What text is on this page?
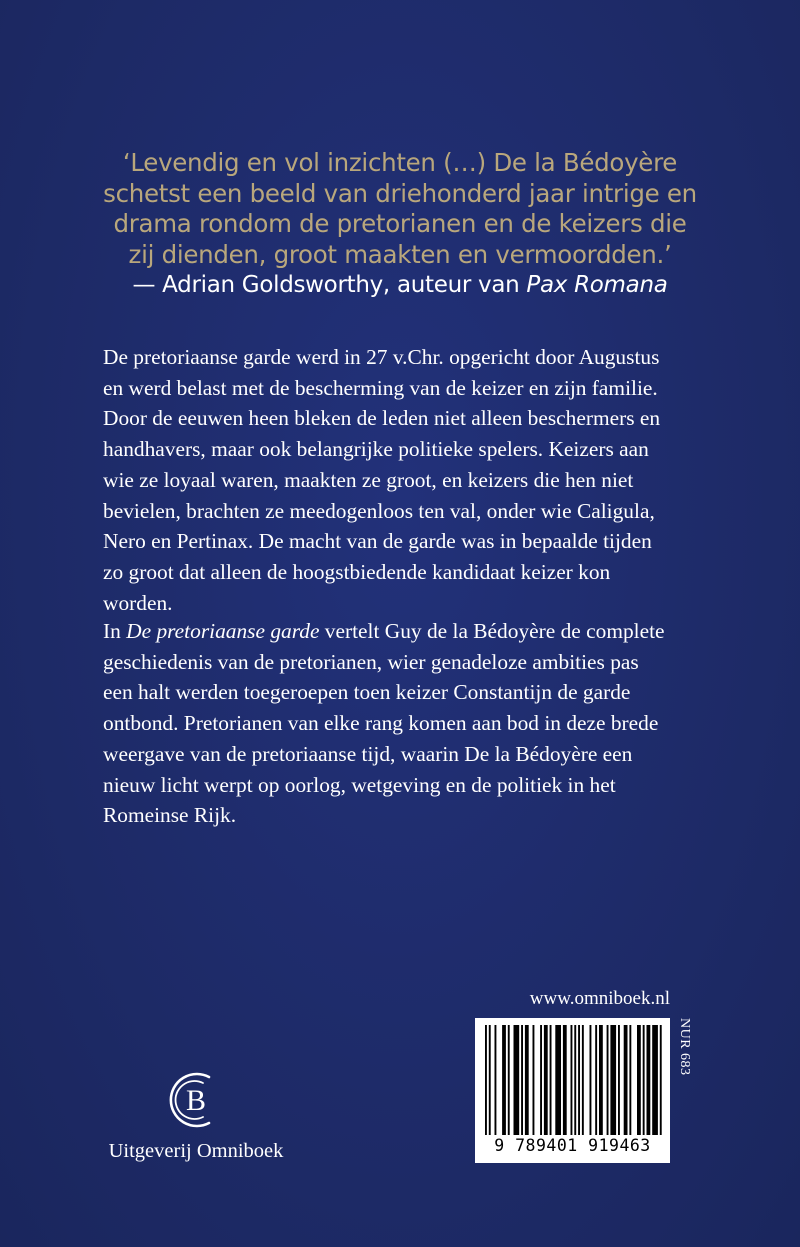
‘Levendig en vol inzichten (…) De la Bédoyère
schetst een beeld van driehonderd jaar intrige en
drama rondom de pretorianen en de keizers die
zij dienden, groot maakten en vermoordden.’
— Adrian Goldsworthy, auteur van Pax Romana
De pretoriaanse garde werd in 27 v.Chr. opgericht door Augustus
en werd belast met de bescherming van de keizer en zijn familie.
Door de eeuwen heen bleken de leden niet alleen beschermers en
handhavers, maar ook belangrijke politieke spelers. Keizers aan
wie ze loyaal waren, maakten ze groot, en keizers die hen niet
bevielen, brachten ze meedogenloos ten val, onder wie Caligula,
Nero en Pertinax. De macht van de garde was in bepaalde tijden
zo groot dat alleen de hoogstbiedende kandidaat keizer kon
worden.
In De pretoriaanse garde vertelt Guy de la Bédoyère de complete
geschiedenis van de pretorianen, wier genadeloze ambities pas
een halt werden toegeroepen toen keizer Constantijn de garde
ontbond. Pretorianen van elke rang komen aan bod in deze brede
weergave van de pretoriaanse tijd, waarin De la Bédoyère een
nieuw licht werpt op oorlog, wetgeving en de politiek in het
Romeinse Rijk.
www.omniboek.nl
9 789401 919463
NUR 683
B
Uitgeverij Omniboek
